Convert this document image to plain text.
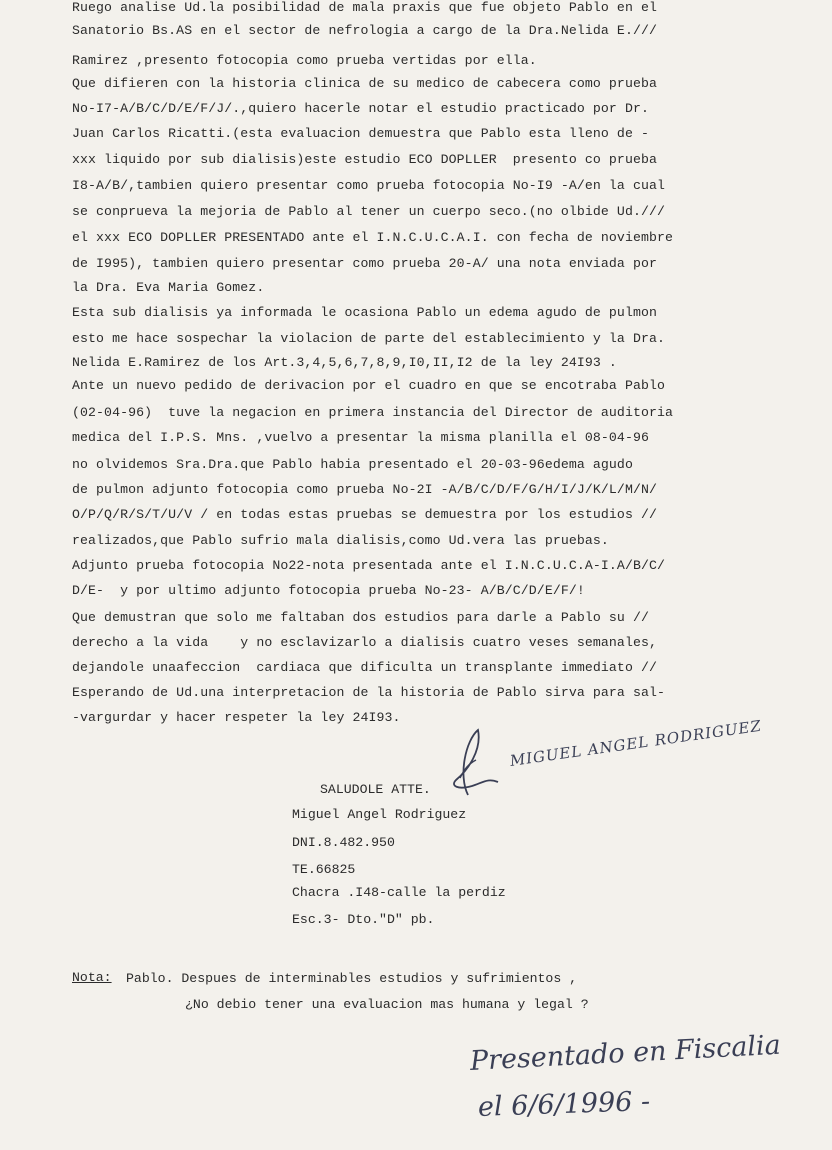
Ruego analise Ud.la posibilidad de mala praxis que fue objeto Pablo en el
Sanatorio Bs.AS en el sector de nefrologia a cargo de la Dra.Nelida E.///
Ramirez ,presento fotocopia como prueba vertidas por ella.
Que difieren con la historia clinica de su medico de cabecera como prueba
No-I7-A/B/C/D/E/F/J/.,quiero hacerle notar el estudio practicado por Dr.
Juan Carlos Ricatti.(esta evaluacion demuestra que Pablo esta lleno de -
xxx liquido por sub dialisis)este estudio ECO DOPLLER  presento co prueba
I8-A/B/,tambien quiero presentar como prueba fotocopia No-I9 -A/en la cual
se conprueva la mejoria de Pablo al tener un cuerpo seco.(no olbide Ud.///
el xxx ECO DOPLLER PRESENTADO ante el I.N.C.U.C.A.I. con fecha de noviembre
de I995), tambien quiero presentar como prueba 20-A/ una nota enviada por
la Dra. Eva Maria Gomez.
Esta sub dialisis ya informada le ocasiona Pablo un edema agudo de pulmon
esto me hace sospechar la violacion de parte del establecimiento y la Dra.
Nelida E.Ramirez de los Art.3,4,5,6,7,8,9,I0,II,I2 de la ley 24I93 .
Ante un nuevo pedido de derivacion por el cuadro en que se encotraba Pablo
(02-04-96)  tuve la negacion en primera instancia del Director de auditoria
medica del I.P.S. Mns. ,vuelvo a presentar la misma planilla el 08-04-96
no olvidemos Sra.Dra.que Pablo habia presentado el 20-03-96edema agudo
de pulmon adjunto fotocopia como prueba No-2I -A/B/C/D/F/G/H/I/J/K/L/M/N/
O/P/Q/R/S/T/U/V / en todas estas pruebas se demuestra por los estudios //
realizados,que Pablo sufrio mala dialisis,como Ud.vera las pruebas.
Adjunto prueba fotocopia No22-nota presentada ante el I.N.C.U.C.A-I.A/B/C/
D/E-  y por ultimo adjunto fotocopia prueba No-23- A/B/C/D/E/F/!
Que demustran que solo me faltaban dos estudios para darle a Pablo su //
derecho a la vida    y no esclavizarlo a dialisis cuatro veses semanales,
dejandole unaafeccion  cardiaca que dificulta un transplante immediato //
Esperando de Ud.una interpretacion de la historia de Pablo sirva para sal-
-vargurdar y hacer respeter la ley 24I93.	MIGUEL ANGEL RODRIGUEZ
SALUDOLE ATTE.
Miguel Angel Rodriguez
DNI.8.482.950
TE.66825
Chacra .I48-calle la perdiz
Esc.3- Dto."D" pb.
Nota: Pablo. Despues de interminables estudios y sufrimientos ,
¿No debio tener una evaluacion mas humana y legal ?
Presentado en Fiscalia
el 6/6/1996 -
